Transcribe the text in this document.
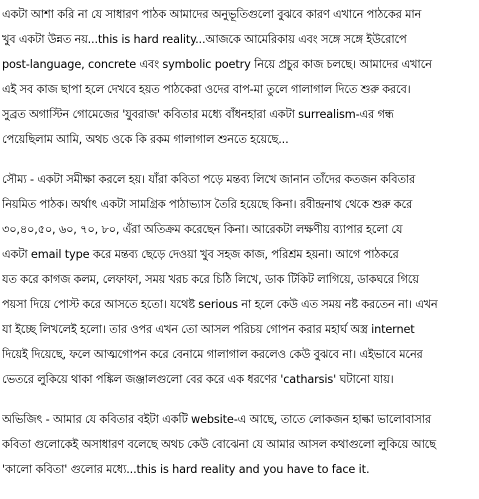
একটা আশা করি না যে সাধারণ পাঠক আমাদের অনুভূতিগুলো বুঝবে কারণ এখানে পাঠকের মান
খুব একটা উন্নত নয়...this is hard reality...আজকে আমেরিকায় এবং সঙ্গে সঙ্গে ইউরোপে
post-language, concrete এবং symbolic poetry নিয়ে প্রচুর কাজ চলছে। আমাদের এখানে
এই সব কাজ ছাপা হলে দেখবে হয়ত পাঠকেরা ওদের বাপ-মা তুলে গালাগাল দিতে শুরু করবে।
সুব্রত অগাস্টিন গোমেজের 'যুবরাজ' কবিতার মধ্যে বাঁধনহারা একটা surrealism-এর গন্ধ
পেয়েছিলাম আমি, অথচ ওকে কি রকম গালাগাল শুনতে হয়েছে...
সৌম্য - একটা সমীক্ষা করলে হয়। যাঁরা কবিতা পড়ে মন্তব্য লিখে জানান তাঁদের কতজন কবিতার
নিয়মিত পাঠক। অর্থাৎ একটা সামগ্রিক পাঠাভ্যাস তৈরি হয়েছে কিনা। রবীন্দ্রনাথ থেকে শুরু করে
৩০,৪০,৫০, ৬০, ৭০, ৮০, এঁরা অতিক্রম করেছেন কিনা। আরেকটা লক্ষণীয় ব্যাপার হলো যে
একটা email type করে মন্তব্য ছেড়ে দেওয়া খুব সহজ কাজ, পরিশ্রম হয়না। আগে পাঠকরে
যত করে কাগজ কলম, লেফাফা, সময় খরচ করে চিঠি লিখে, ডাক টিকিট লাগিয়ে, ডাকঘরে গিয়ে
পয়সা দিয়ে পোস্ট করে আসতে হতো। যথেষ্ট serious না হলে কেউ এত সময় নষ্ট করতেন না। এখন
যা ইচ্ছে লিখলেই হলো। তার ওপর এখন তো আসল পরিচয় গোপন করার মহার্ঘ অস্ত্র internet
দিয়েই দিয়েছে, ফলে আত্মগোপন করে বেনামে গালাগাল করলেও কেউ বুঝবে না। এইভাবে মনের
ভেতরে লুকিয়ে থাকা পঙ্কিল জঞ্জালগুলো বের করে এক ধরণের 'catharsis' ঘটানো যায়।
অভিজিৎ - আমার যে কবিতার বইটা একটি website-এ আছে, তাতে লোকজন হাল্কা ভালোবাসার
কবিতা গুলোকেই অসাধারণ বলেছে অথচ কেউ বোঝেনা যে আমার আসল কথাগুলো লুকিয়ে আছে
'কালো কবিতা' গুলোর মধ্যে...this is hard reality and you have to face it.
